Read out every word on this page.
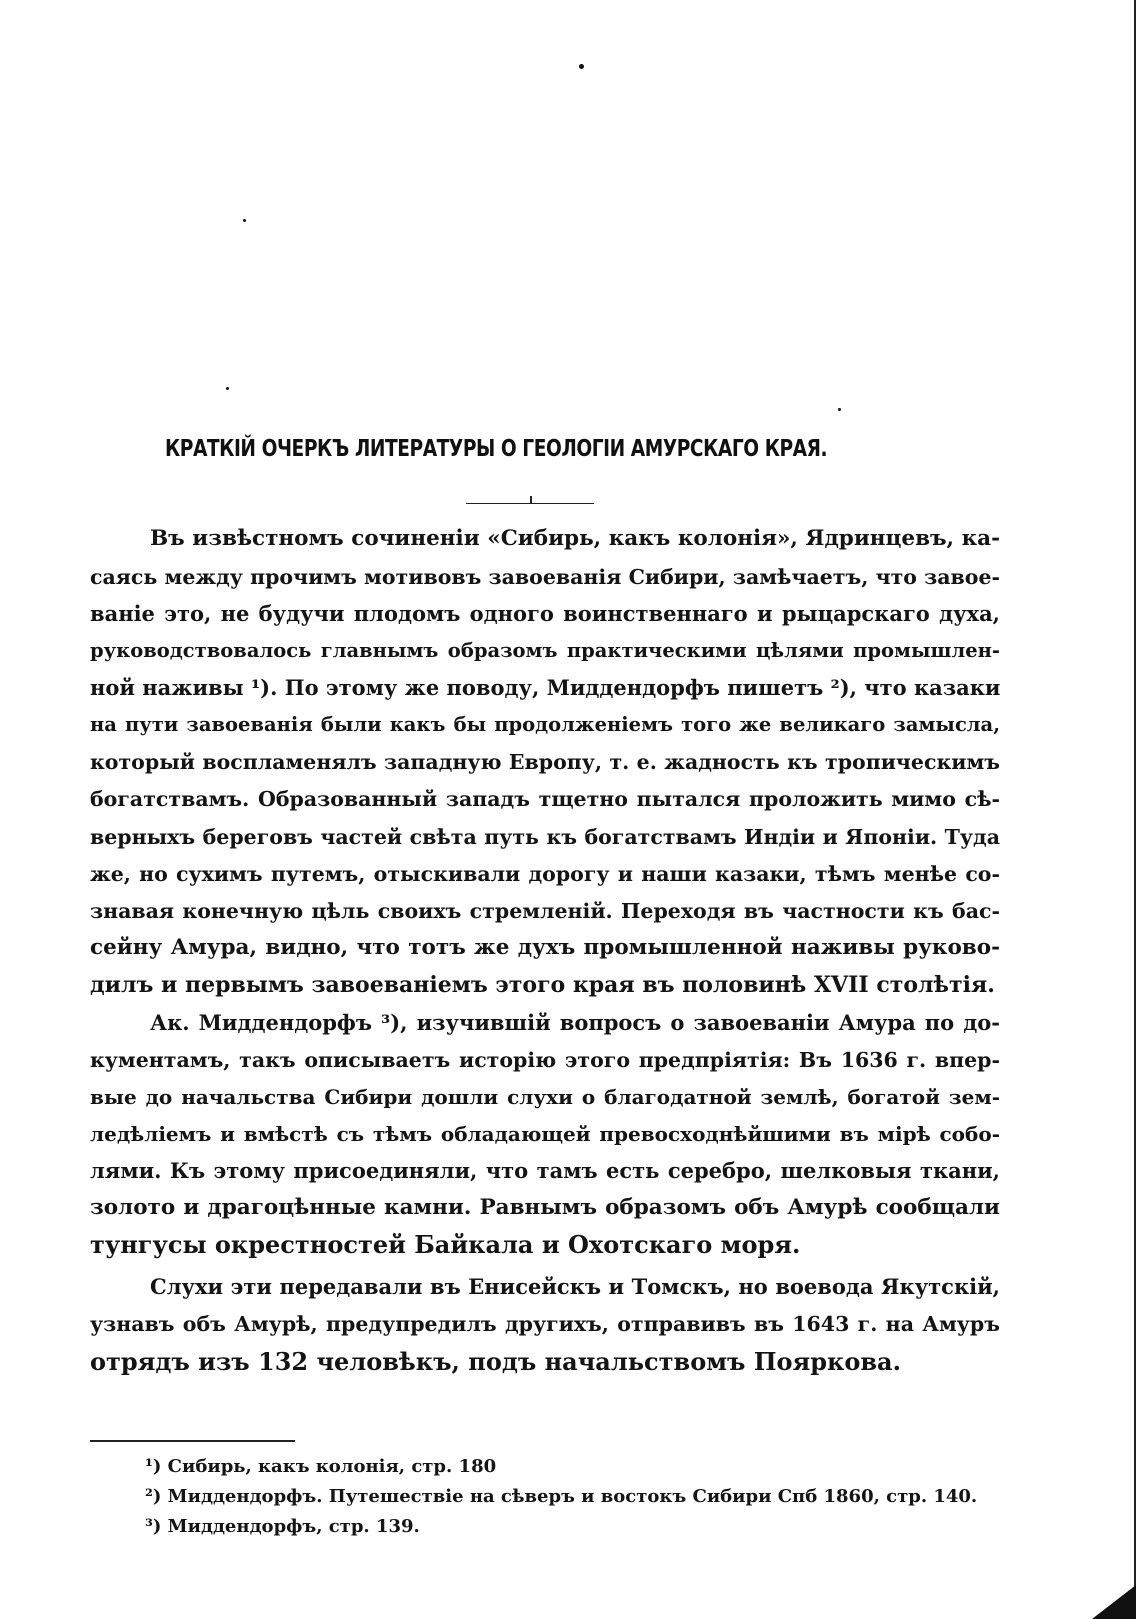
КРАТКІЙ ОЧЕРКЪ ЛИТЕРАТУРЫ О ГЕОЛОГІИ АМУРСКАГО КРАЯ.
Въ извѣстномъ сочиненіи «Сибирь, какъ колонія», Ядринцевъ, ка-
саясь между прочимъ мотивовъ завоеванія Сибири, замѣчаетъ, что завое-
ваніе это, не будучи плодомъ одного воинственнаго и рыцарскаго духа,
руководствовалось главнымъ образомъ практическими цѣлями промышлен-
ной наживы ¹). По этому же поводу, Миддендорфъ пишетъ ²), что казаки
на пути завоеванія были какъ бы продолженіемъ того же великаго замысла,
который воспламенялъ западную Европу, т. е. жадность къ тропическимъ
богатствамъ. Образованный западъ тщетно пытался проложить мимо сѣ-
верныхъ береговъ частей свѣта путь къ богатствамъ Индіи и Японіи. Туда
же, но сухимъ путемъ, отыскивали дорогу и наши казаки, тѣмъ менѣе со-
знавая конечную цѣль своихъ стремленій. Переходя въ частности къ бас-
сейну Амура, видно, что тотъ же духъ промышленной наживы руково-
дилъ и первымъ завоеваніемъ этого края въ половинѣ XVII столѣтія.
Ак. Миддендорфъ ³), изучившій вопросъ о завоеваніи Амура по до-
кументамъ, такъ описываетъ исторію этого предпріятія: Въ 1636 г. впер-
вые до начальства Сибири дошли слухи о благодатной землѣ, богатой зем-
ледѣліемъ и вмѣстѣ съ тѣмъ обладающей превосходнѣйшими въ мірѣ собо-
лями. Къ этому присоединяли, что тамъ есть серебро, шелковыя ткани,
золото и драгоцѣнные камни. Равнымъ образомъ объ Амурѣ сообщали
тунгусы окрестностей Байкала и Охотскаго моря.
Слухи эти передавали въ Енисейскъ и Томскъ, но воевода Якутскій,
узнавъ объ Амурѣ, предупредилъ другихъ, отправивъ въ 1643 г. на Амуръ
отрядъ изъ 132 человѣкъ, подъ начальствомъ Пояркова.
¹) Сибирь, какъ колонія, стр. 180
²) Миддендорфъ. Путешествіе на сѣверъ и востокъ Сибири Спб 1860, стр. 140.
³) Миддендорфъ, стр. 139.
